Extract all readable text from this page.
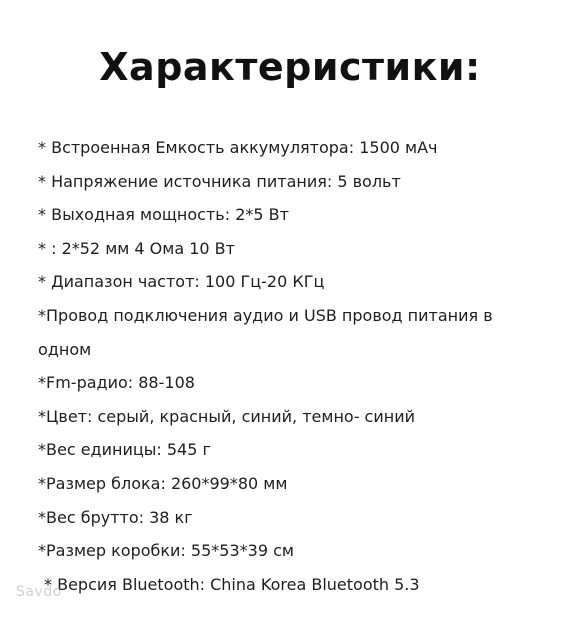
Характеристики:
* Встроенная Емкость аккумулятора: 1500 мАч
* Напряжение источника питания: 5 вольт
* Выходная мощность: 2*5 Вт
* : 2*52 мм 4 Ома 10 Вт
* Диапазон частот: 100 Гц-20 КГц
*Провод подключения аудио и USB провод питания в одном
*Fm-радио: 88-108
*Цвет: серый, красный, синий, темно- синий
*Вес единицы: 545 г
*Размер блока: 260*99*80 мм
*Вес брутто: 38 кг
*Размер коробки: 55*53*39 см
* Версия Bluetooth: China Korea Bluetooth 5.3
Savdo
